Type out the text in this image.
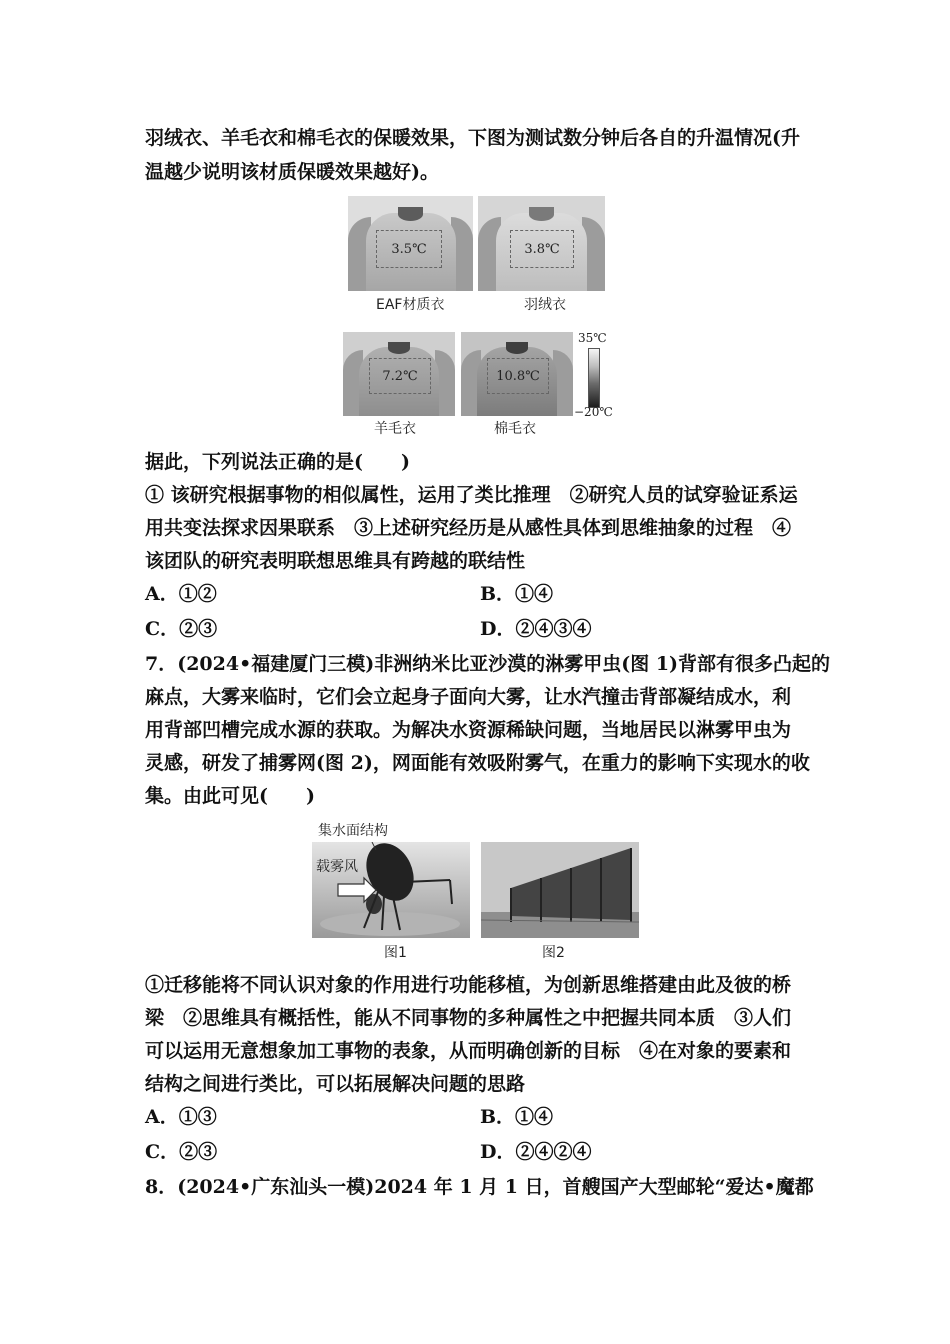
羽绒衣、羊毛衣和棉毛衣的保暖效果，下图为测试数分钟后各自的升温情况(升
温越少说明该材质保暖效果越好)。
3.5℃
EAF材质衣
3.8℃
羽绒衣
7.2℃
羊毛衣
10.8℃
棉毛衣
35℃
−20℃
据此，下列说法正确的是(　　)
① 该研究根据事物的相似属性，运用了类比推理　②研究人员的试穿验证系运
用共变法探求因果联系　③上述研究经历是从感性具体到思维抽象的过程　④
该团队的研究表明联想思维具有跨越的联结性
A．①②	B．①④
C．②③	D．②④③④
7．(2024•福建厦门三模)非洲纳米比亚沙漠的淋雾甲虫(图 1)背部有很多凸起的
麻点，大雾来临时，它们会立起身子面向大雾，让水汽撞击背部凝结成水，利
用背部凹槽完成水源的获取。为解决水资源稀缺问题，当地居民以淋雾甲虫为
灵感，研发了捕雾网(图 2)，网面能有效吸附雾气，在重力的影响下实现水的收
集。由此可见(　　)
集水面结构
载雾风
图1	图2
①迁移能将不同认识对象的作用进行功能移植，为创新思维搭建由此及彼的桥
梁　②思维具有概括性，能从不同事物的多种属性之中把握共同本质　③人们
可以运用无意想象加工事物的表象，从而明确创新的目标　④在对象的要素和
结构之间进行类比，可以拓展解决问题的思路
A．①③	B．①④
C．②③	D．②④②④
8．(2024•广东汕头一模)2024 年 1 月 1 日，首艘国产大型邮轮“爱达•魔都
